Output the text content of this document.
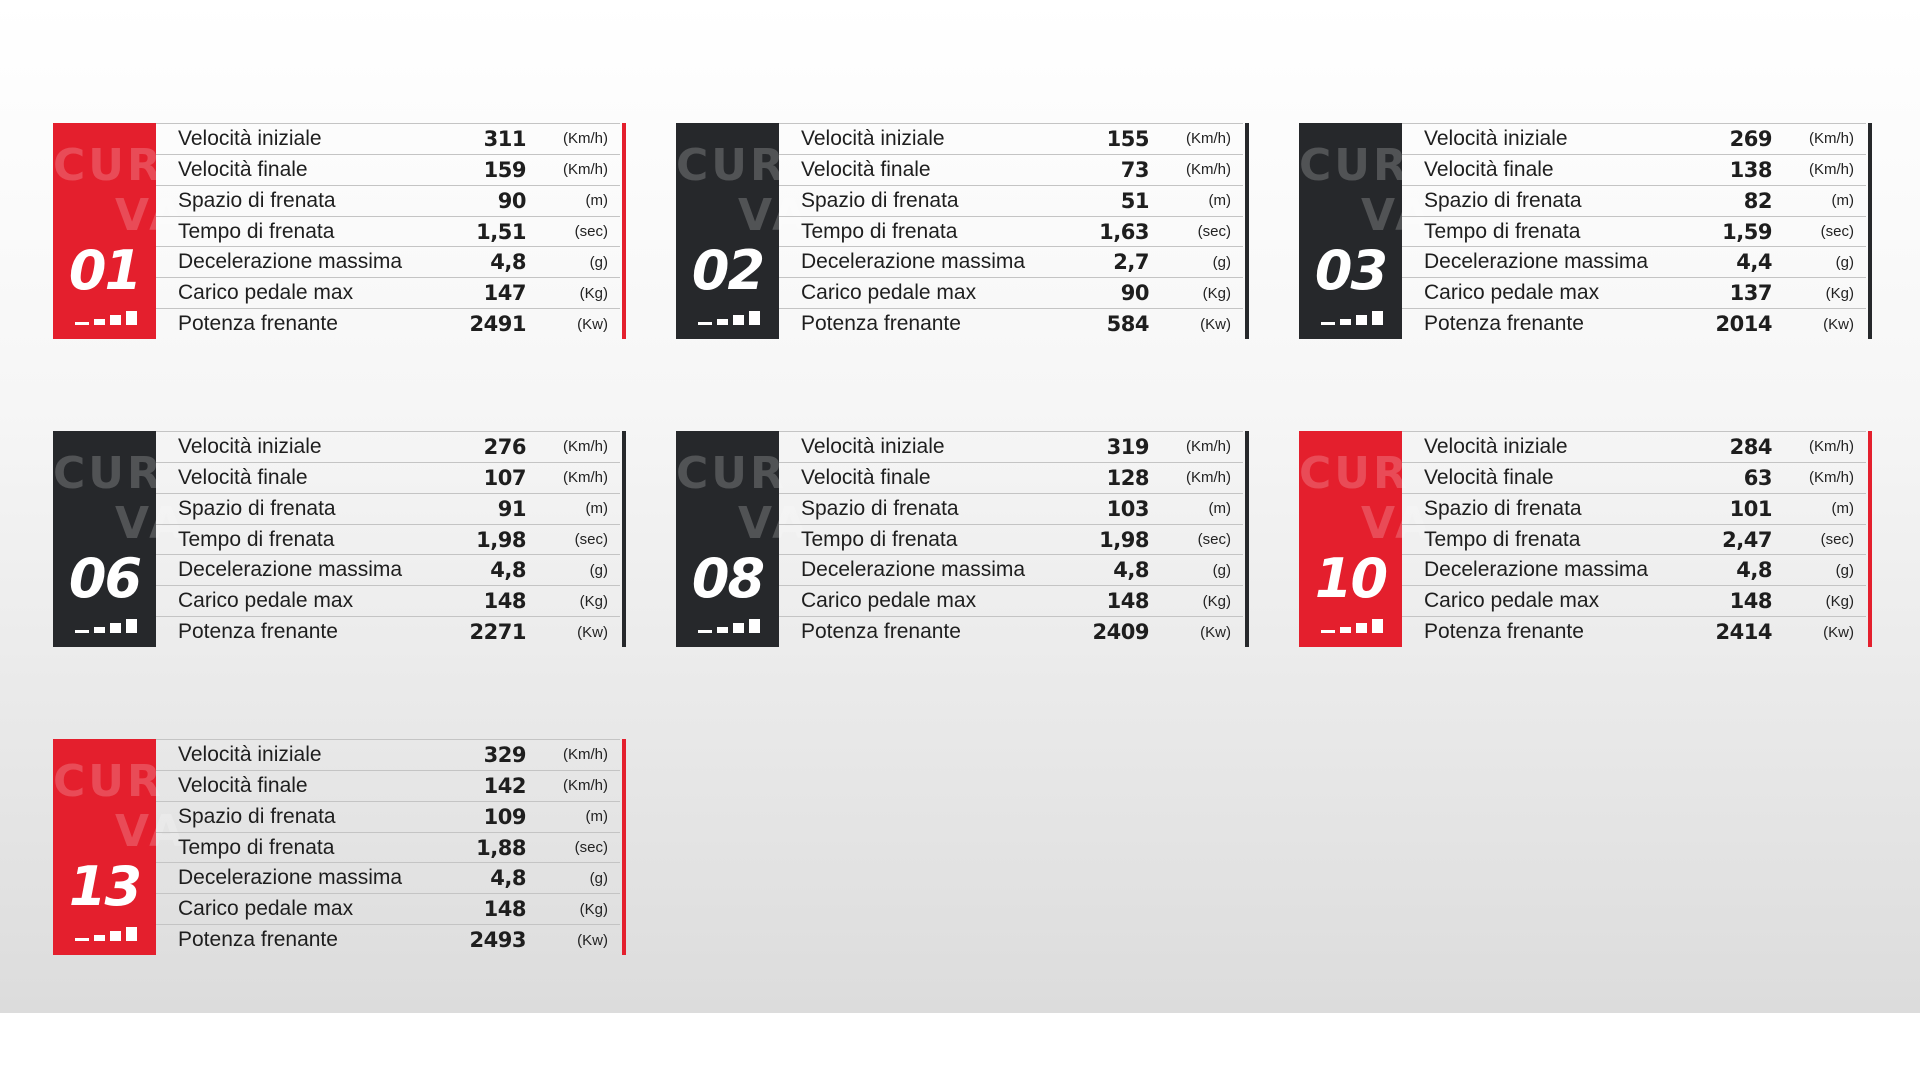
CUR
VA
01
Velocità iniziale	311 (Km/h)
Velocità finale	159 (Km/h)
Spazio di frenata	90	(m)
Tempo di frenata	1,51	(sec)
Decelerazione massima	4,8	(g)
Carico pedale max	147	(Kg)
Potenza frenante	2491	(Kw)
CUR
VA
02
Velocità iniziale	155 (Km/h)
Velocità finale	73 (Km/h)
Spazio di frenata	51	(m)
Tempo di frenata	1,63	(sec)
Decelerazione massima	2,7	(g)
Carico pedale max	90	(Kg)
Potenza frenante	584	(Kw)
CUR
VA
03
Velocità iniziale	269 (Km/h)
Velocità finale	138 (Km/h)
Spazio di frenata	82	(m)
Tempo di frenata	1,59	(sec)
Decelerazione massima	4,4	(g)
Carico pedale max	137	(Kg)
Potenza frenante	2014	(Kw)
CUR
VA
06
Velocità iniziale	276 (Km/h)
Velocità finale	107 (Km/h)
Spazio di frenata	91	(m)
Tempo di frenata	1,98	(sec)
Decelerazione massima	4,8	(g)
Carico pedale max	148	(Kg)
Potenza frenante	2271	(Kw)
CUR
VA
08
Velocità iniziale	319 (Km/h)
Velocità finale	128 (Km/h)
Spazio di frenata	103	(m)
Tempo di frenata	1,98	(sec)
Decelerazione massima	4,8	(g)
Carico pedale max	148	(Kg)
Potenza frenante	2409	(Kw)
CUR
VA
10
Velocità iniziale	284 (Km/h)
Velocità finale	63 (Km/h)
Spazio di frenata	101	(m)
Tempo di frenata	2,47	(sec)
Decelerazione massima	4,8	(g)
Carico pedale max	148	(Kg)
Potenza frenante	2414	(Kw)
CUR
VA
13
Velocità iniziale	329 (Km/h)
Velocità finale	142 (Km/h)
Spazio di frenata	109	(m)
Tempo di frenata	1,88	(sec)
Decelerazione massima	4,8	(g)
Carico pedale max	148	(Kg)
Potenza frenante	2493	(Kw)
